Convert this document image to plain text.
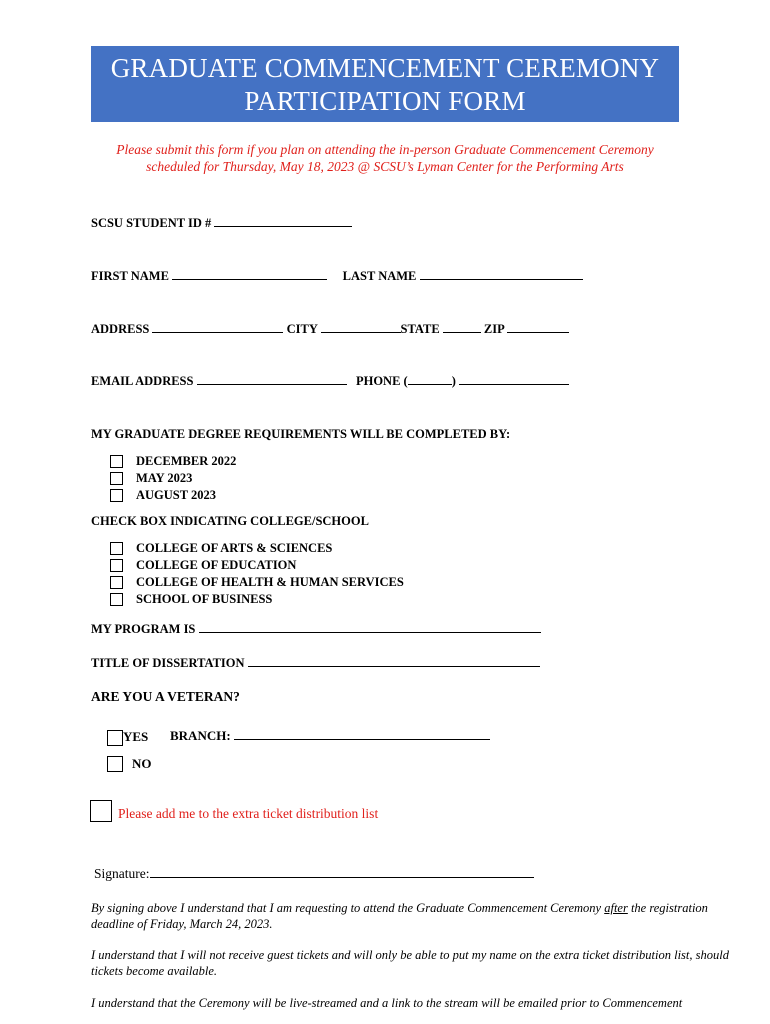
GRADUATE COMMENCEMENT CEREMONY
PARTICIPATION FORM
Please submit this form if you plan on attending the in-person Graduate Commencement Ceremony
scheduled for Thursday, May 18, 2023 @ SCSU’s Lyman Center for the Performing Arts
SCSU STUDENT ID #
FIRST NAME	LAST NAME
ADDRESS	CITY	STATE	ZIP
EMAIL ADDRESS	PHONE (	)
MY GRADUATE DEGREE REQUIREMENTS WILL BE COMPLETED BY:
DECEMBER 2022
MAY 2023
AUGUST 2023
CHECK BOX INDICATING COLLEGE/SCHOOL
COLLEGE OF ARTS & SCIENCES
COLLEGE OF EDUCATION
COLLEGE OF HEALTH & HUMAN SERVICES
SCHOOL OF BUSINESS
MY PROGRAM IS
TITLE OF DISSERTATION
ARE YOU A VETERAN?
YES BRANCH:
NO
Please add me to the extra ticket distribution list
Signature:
By signing above I understand that I am requesting to attend the Graduate Commencement Ceremony after the registration
deadline of Friday, March 24, 2023.
I understand that I will not receive guest tickets and will only be able to put my name on the extra ticket distribution list, should
tickets become available.
I understand that the Ceremony will be live-streamed and a link to the stream will be emailed prior to Commencement
